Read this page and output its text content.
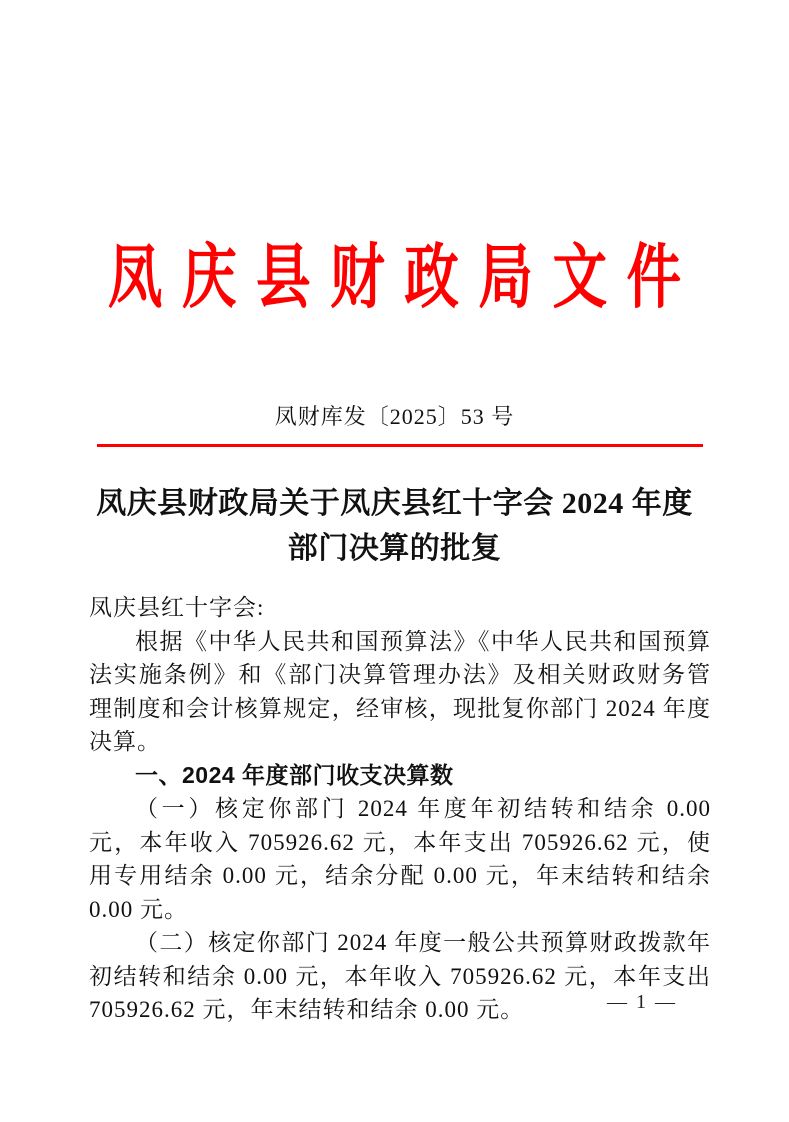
凤庆县财政局文件
凤财库发〔2025〕53 号
凤庆县财政局关于凤庆县红十字会 2024 年度
部门决算的批复

凤庆县红十字会:

根据《中华人民共和国预算法》《中华人民共和国预算法实施条例》和《部门决算管理办法》及相关财政财务管理制度和会计核算规定，经审核，现批复你部门 2024 年度决算。

一、2024 年度部门收支决算数

（一）核定你部门 2024 年度年初结转和结余 0.00 元，本年收入 705926.62 元，本年支出 705926.62 元，使用专用结余 0.00 元，结余分配 0.00 元，年末结转和结余 0.00 元。

（二）核定你部门 2024 年度一般公共预算财政拨款年初结转和结余 0.00 元，本年收入 705926.62 元，本年支出 705926.62 元，年末结转和结余 0.00 元。	— 1 —
